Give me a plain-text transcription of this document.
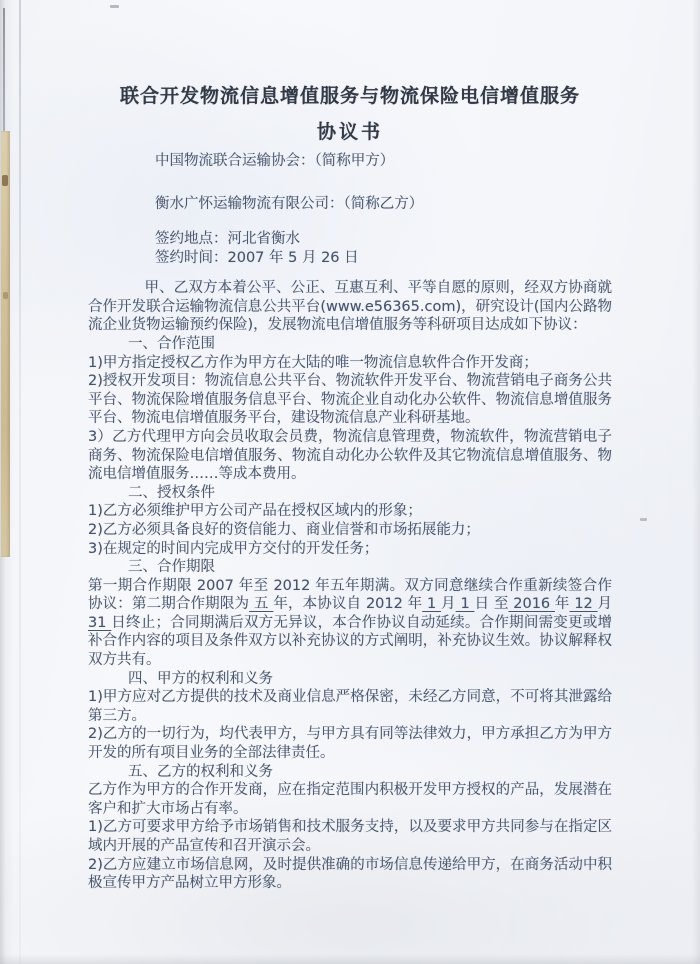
联合开发物流信息增值服务与物流保险电信增值服务
协议书

中国物流联合运输协会：（简称甲方）

衡水广怀运输物流有限公司：（简称乙方）

签约地点：河北省衡水

签约时间：2007 年 5 月 26 日

甲、乙双方本着公平、公正、互惠互利、平等自愿的原则，经双方协商就合作开发联合运输物流信息公共平台(www.e56365.com)，研究设计(国内公路物流企业货物运输预约保险)，发展物流电信增值服务等科研项目达成如下协议：

一、合作范围

1)甲方指定授权乙方作为甲方在大陆的唯一物流信息软件合作开发商；

2)授权开发项目：物流信息公共平台、物流软件开发平台、物流营销电子商务公共平台、物流保险增值服务信息平台、物流企业自动化办公软件、物流信息增值服务平台、物流电信增值服务平台，建设物流信息产业科研基地。

3）乙方代理甲方向会员收取会员费，物流信息管理费，物流软件，物流营销电子商务、物流保险电信增值服务、物流自动化办公软件及其它物流信息增值服务、物流电信增值服务……等成本费用。

二、授权条件

1)乙方必须维护甲方公司产品在授权区域内的形象；

2)乙方必须具备良好的资信能力、商业信誉和市场拓展能力；

3)在规定的时间内完成甲方交付的开发任务；

三、合作期限

第一期合作期限 2007 年至 2012 年五年期满。双方同意继续合作重新续签合作协议：第二期合作期限为 五 年，本协议自 2012 年 1 月 1 日 至 2016 年 12 月 31 日终止；合同期满后双方无异议，本合作协议自动延续。合作期间需变更或增补合作内容的项目及条件双方以补充协议的方式阐明，补充协议生效。协议解释权双方共有。

四、甲方的权利和义务

1)甲方应对乙方提供的技术及商业信息严格保密，未经乙方同意，不可将其泄露给第三方。

2)乙方的一切行为，均代表甲方，与甲方具有同等法律效力，甲方承担乙方为甲方开发的所有项目业务的全部法律责任。

五、乙方的权利和义务

乙方作为甲方的合作开发商，应在指定范围内积极开发甲方授权的产品，发展潜在客户和扩大市场占有率。

1)乙方可要求甲方给予市场销售和技术服务支持，以及要求甲方共同参与在指定区域内开展的产品宣传和召开演示会。

2)乙方应建立市场信息网，及时提供准确的市场信息传递给甲方，在商务活动中积极宣传甲方产品树立甲方形象。
